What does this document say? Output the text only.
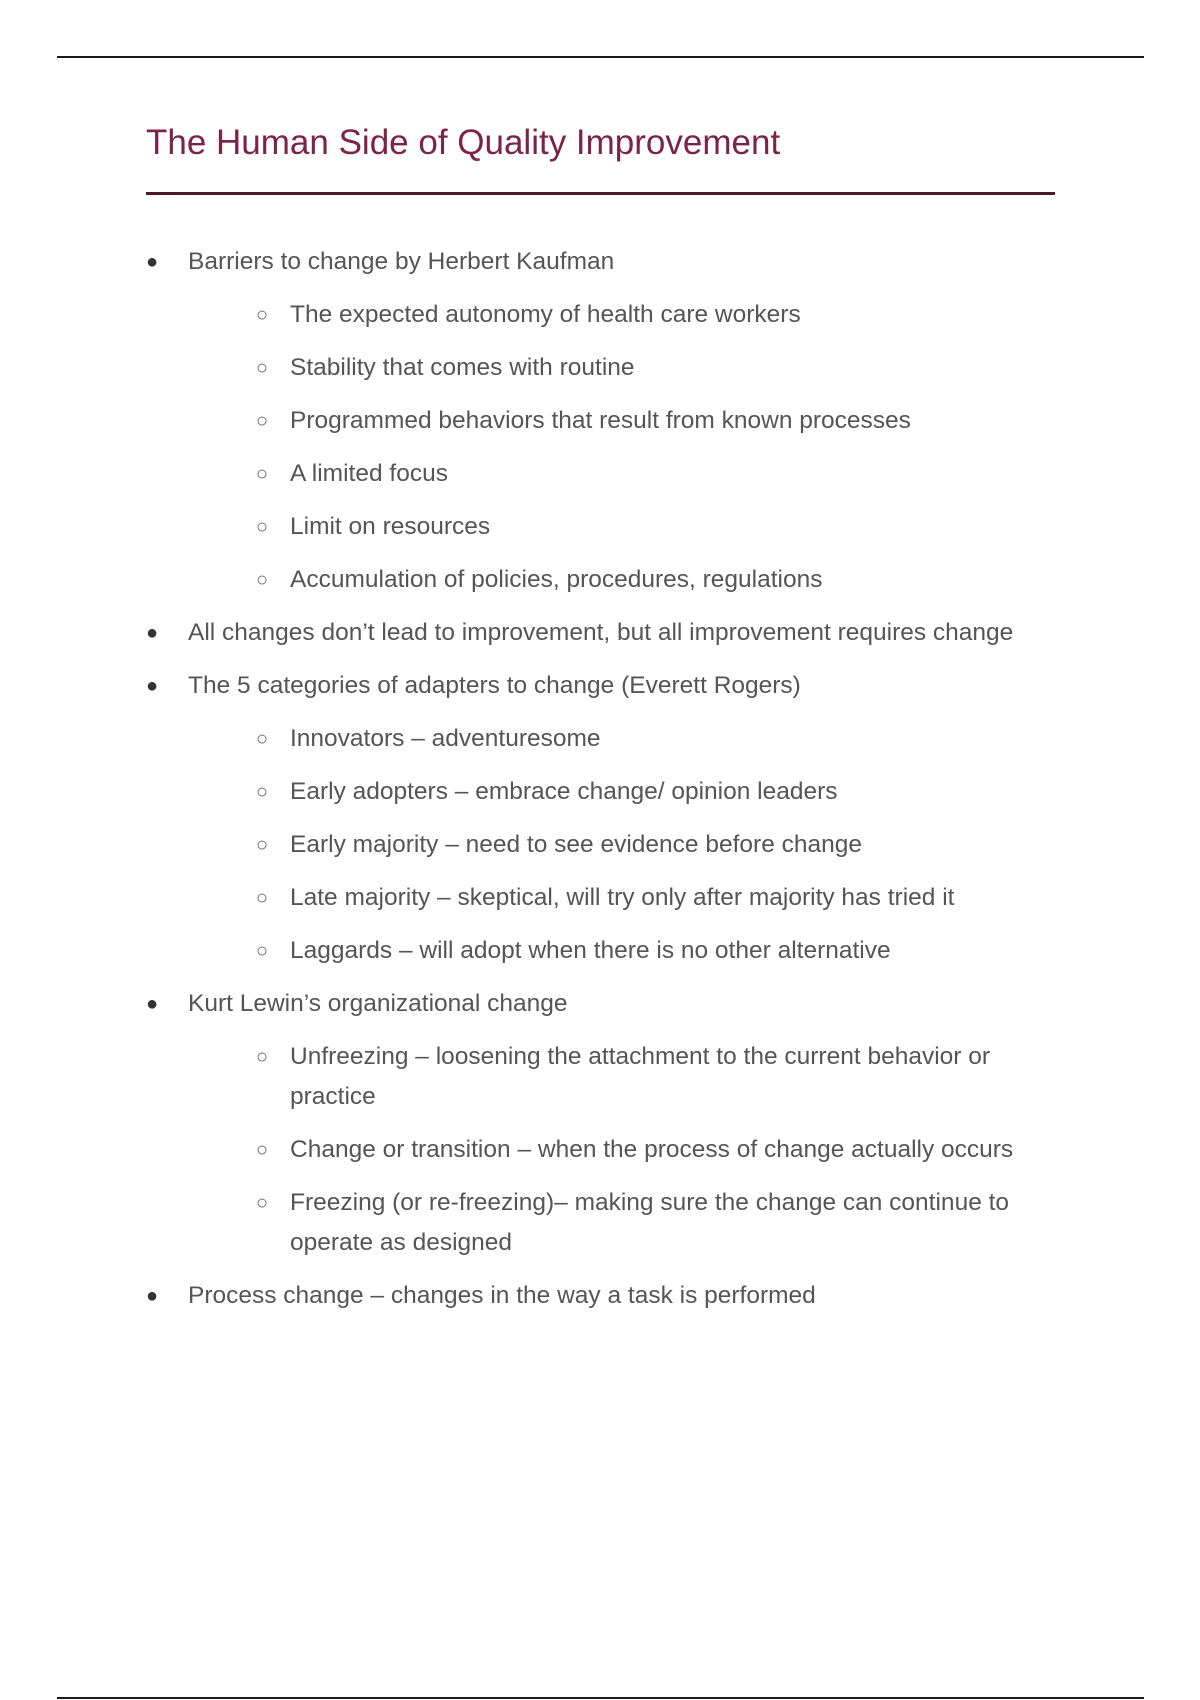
The Human Side of Quality Improvement
●	Barriers to change by Herbert Kaufman
○ The expected autonomy of health care workers
○ Stability that comes with routine
○ Programmed behaviors that result from known processes
○ A limited focus
○ Limit on resources
○ Accumulation of policies, procedures, regulations
●	All changes don’t lead to improvement, but all improvement requires change
●	The 5 categories of adapters to change (Everett Rogers)
○ Innovators – adventuresome
○ Early adopters – embrace change/ opinion leaders
○ Early majority – need to see evidence before change
○ Late majority – skeptical, will try only after majority has tried it
○ Laggards – will adopt when there is no other alternative
●	Kurt Lewin’s organizational change
○ Unfreezing – loosening the attachment to the current behavior or practice
○ Change or transition – when the process of change actually occurs
○ Freezing (or re-freezing)– making sure the change can continue to operate as designed
●	Process change – changes in the way a task is performed
